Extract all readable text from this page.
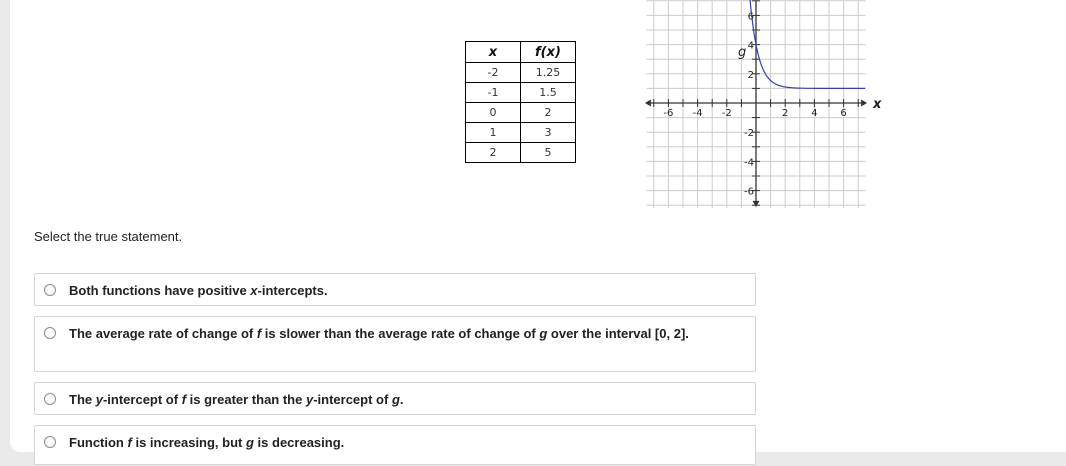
x	f(x)
-2	1.25
-1	1.5
0	2
1	3
2	5
-6 -4 -2	2 4 6
6
4
2
-2
-4
-6
g
x
Select the true statement.
Both functions have positive x-intercepts.
The average rate of change of f is slower than the average rate of change of g over the interval [0, 2].
The y-intercept of f is greater than the y-intercept of g.
Function f is increasing, but g is decreasing.
